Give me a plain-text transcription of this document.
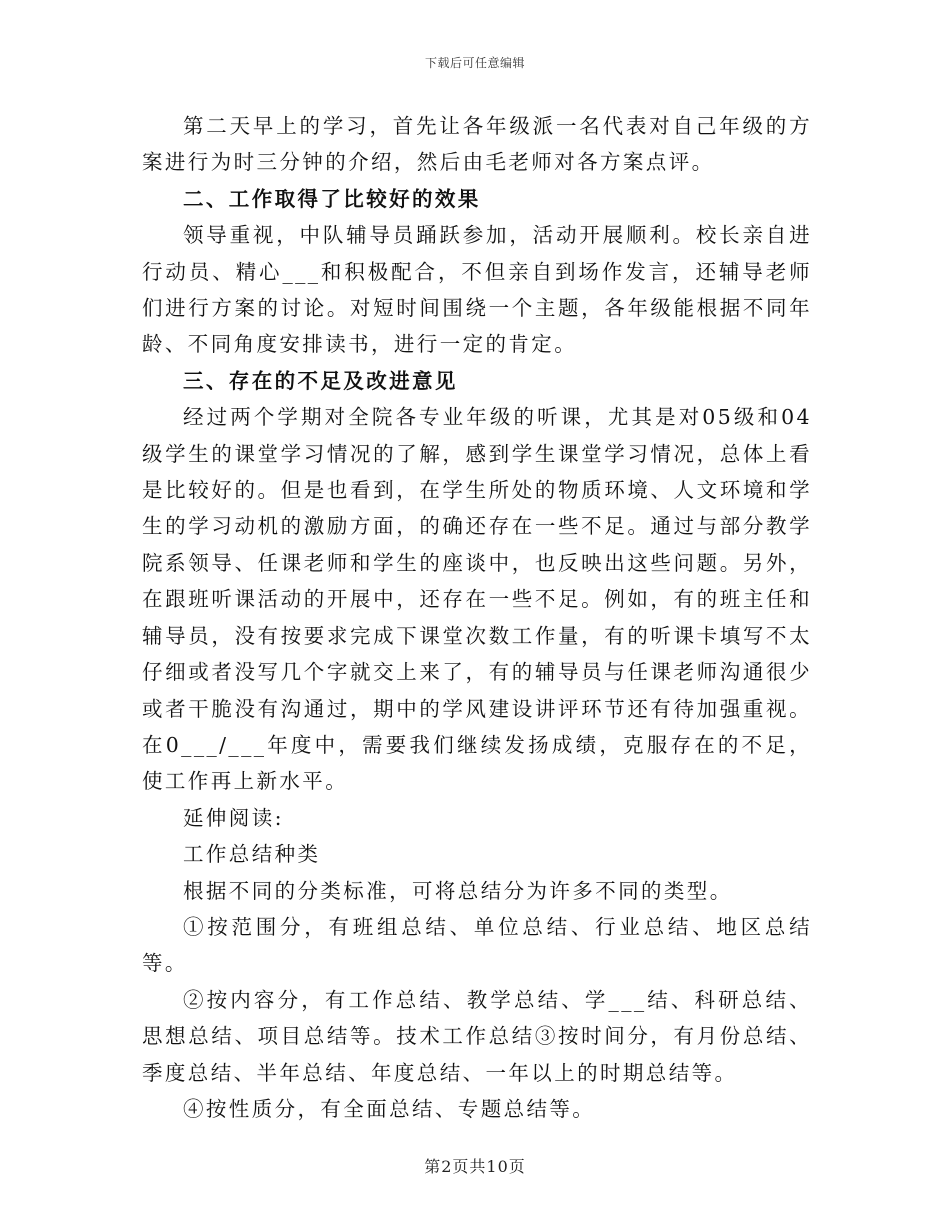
下载后可任意编辑

第二天早上的学习，首先让各年级派一名代表对自己年级的方案进行为时三分钟的介绍，然后由毛老师对各方案点评。

二、工作取得了比较好的效果

领导重视，中队辅导员踊跃参加，活动开展顺利。校长亲自进行动员、精心___和积极配合，不但亲自到场作发言，还辅导老师们进行方案的讨论。对短时间围绕一个主题，各年级能根据不同年龄、不同角度安排读书，进行一定的肯定。

三、存在的不足及改进意见

经过两个学期对全院各专业年级的听课，尤其是对05级和04级学生的课堂学习情况的了解，感到学生课堂学习情况，总体上看是比较好的。但是也看到，在学生所处的物质环境、人文环境和学生的学习动机的激励方面，的确还存在一些不足。通过与部分教学院系领导、任课老师和学生的座谈中，也反映出这些问题。另外，在跟班听课活动的开展中，还存在一些不足。例如，有的班主任和辅导员，没有按要求完成下课堂次数工作量，有的听课卡填写不太仔细或者没写几个字就交上来了，有的辅导员与任课老师沟通很少或者干脆没有沟通过，期中的学风建设讲评环节还有待加强重视。在0___/___年度中，需要我们继续发扬成绩，克服存在的不足，使工作再上新水平。

延伸阅读:

工作总结种类

根据不同的分类标准，可将总结分为许多不同的类型。

①按范围分，有班组总结、单位总结、行业总结、地区总结等。

②按内容分，有工作总结、教学总结、学___结、科研总结、思想总结、项目总结等。技术工作总结③按时间分，有月份总结、季度总结、半年总结、年度总结、一年以上的时期总结等。

④按性质分，有全面总结、专题总结等。

第2页共10页
